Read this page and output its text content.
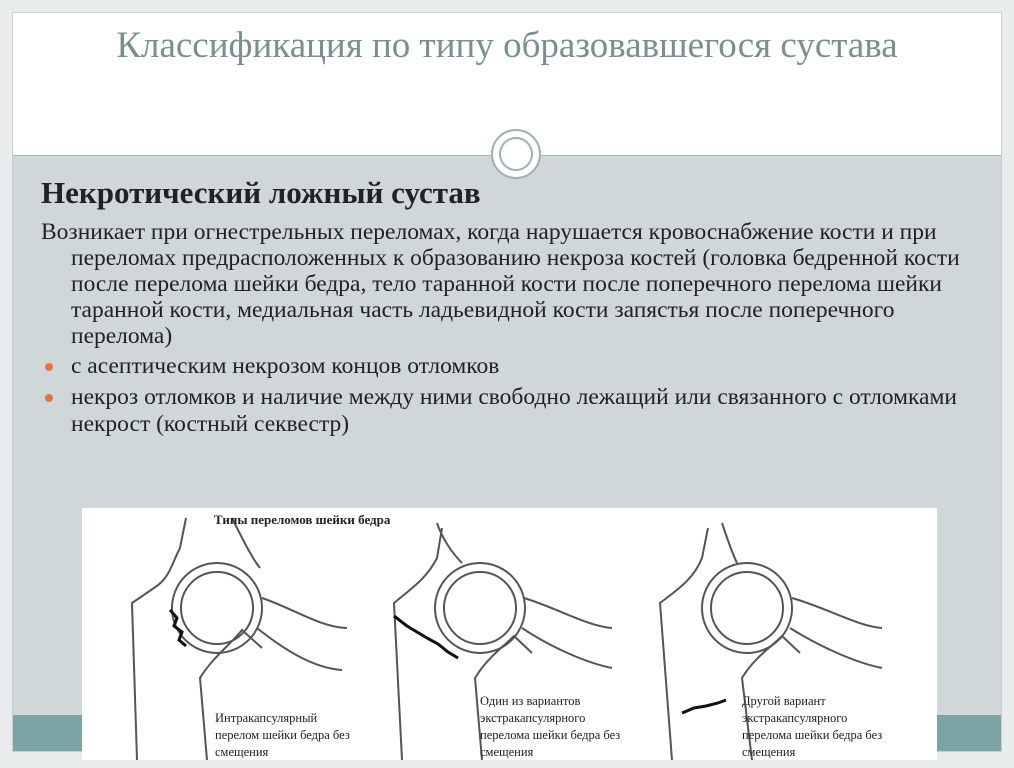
Классификация по типу образовавшегося сустава
Некротический ложный сустав

Возникает при огнестрельных переломах, когда нарушается кровоснабжение кости и при переломах предрасположенных к образованию некроза костей (головка бедренной кости после перелома шейки бедра, тело таранной кости после поперечного перелома шейки таранной кости, медиальная часть ладьевидной кости запястья после поперечного перелома)

с асептическим некрозом концов отломков
некроз отломков и наличие между ними свободно лежащий или связанного с отломками некрост (костный секвестр)
Типы переломов шейки бедра
Интракапсулярный
перелом шейки бедра без
смещения
Один из вариантов
экстракапсулярного
перелома шейки бедра без
смещения
Другой вариант
экстракапсулярного
перелома шейки бедра без
смещения
